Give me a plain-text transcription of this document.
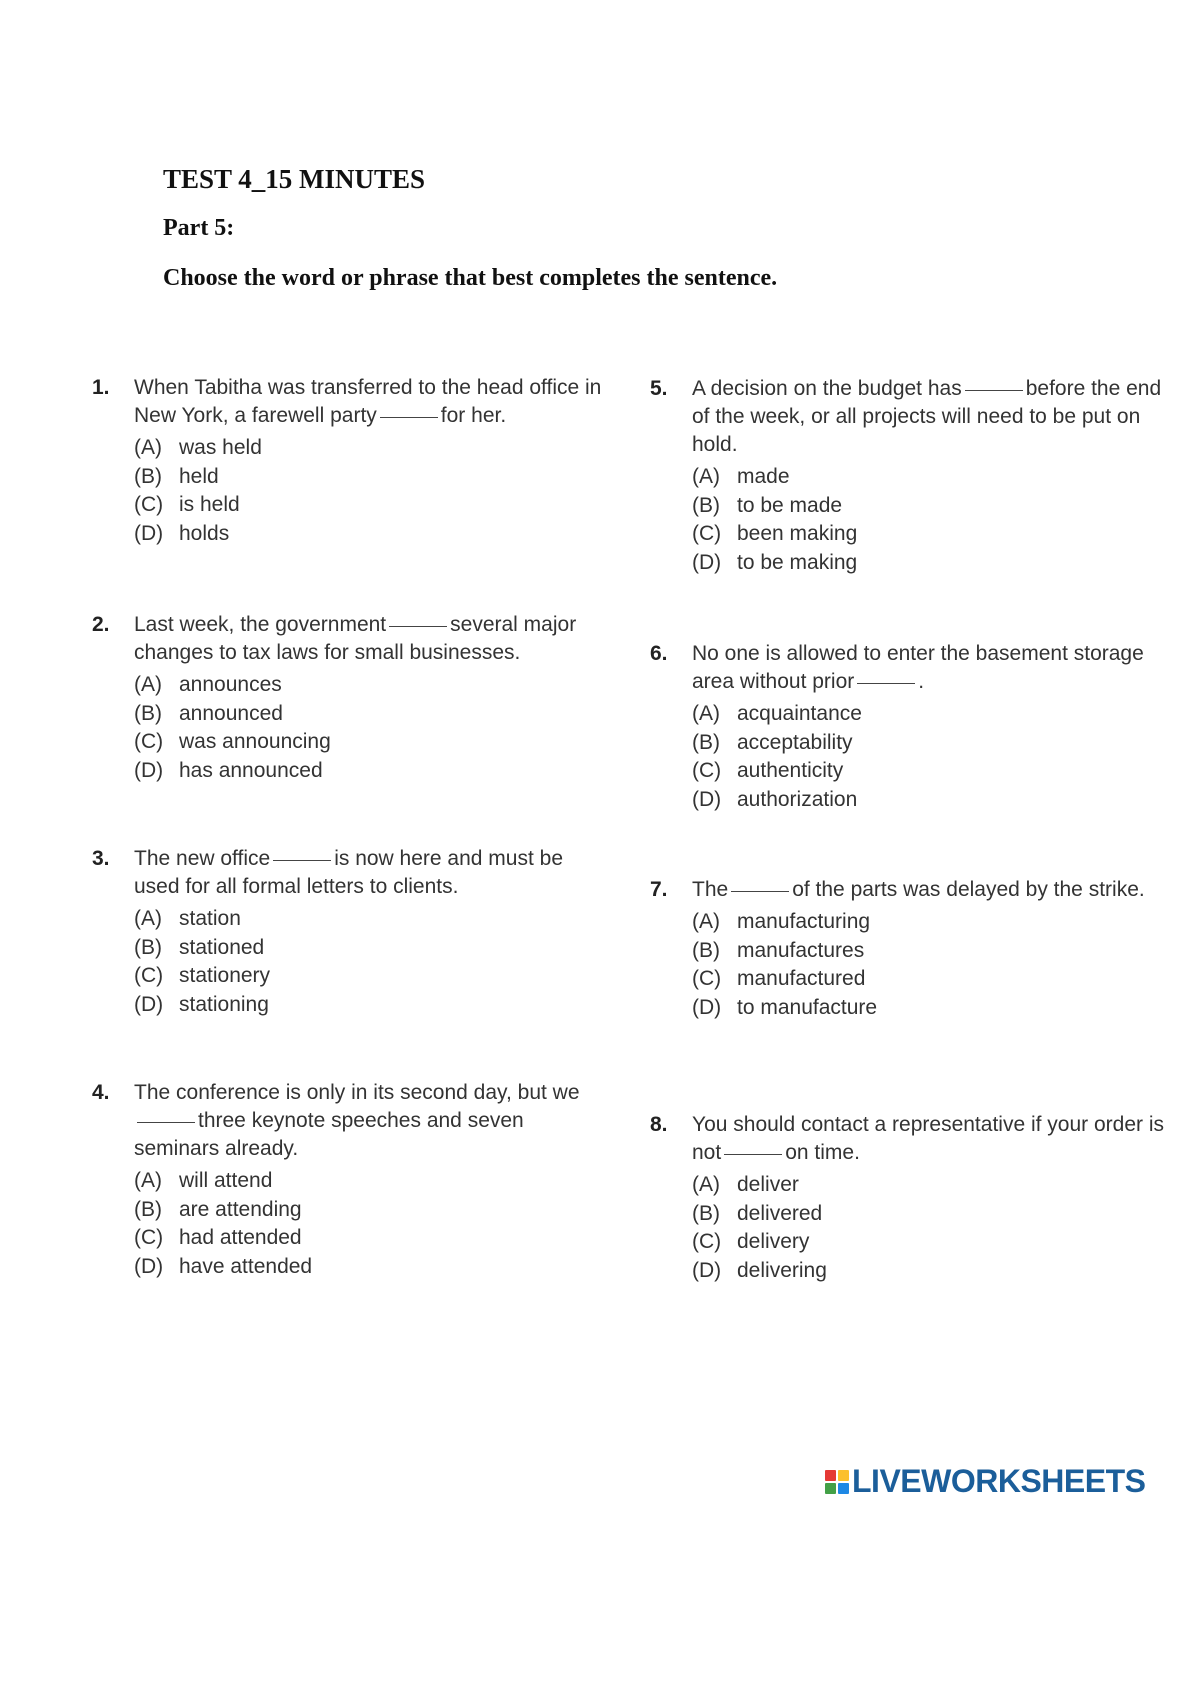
TEST 4_15 MINUTES
Part 5:
Choose the word or phrase that best completes the sentence.
1. When Tabitha was transferred to the head office in New York, a farewell party	for her.

(A) was held
(B) held
(C) is held
(D) holds
2. Last week, the government	several major changes to tax laws for small businesses.

(A) announces
(B) announced
(C) was announcing
(D) has announced
3. The new office	is now here and must be used for all formal letters to clients.

(A) station
(B) stationed
(C) stationery
(D) stationing
4. The conference is only in its second day, but wethree keynote speeches and seven seminars already.

(A) will attend
(B) are attending
(C) had attended
(D) have attended
5. A decision on the budget has	before the end of the week, or all projects will need to be put on hold.

(A) made
(B) to be made
(C) been making
(D) to be making
6. No one is allowed to enter the basement storage area without prior	.

(A) acquaintance
(B) acceptability
(C) authenticity
(D) authorization
7. The	of the parts was delayed by the strike.

(A) manufacturing
(B) manufactures
(C) manufactured
(D) to manufacture
8. You should contact a representative if your order is not	on time.

(A) deliver
(B) delivered
(C) delivery
(D) delivering
LIVEWORKSHEETS
